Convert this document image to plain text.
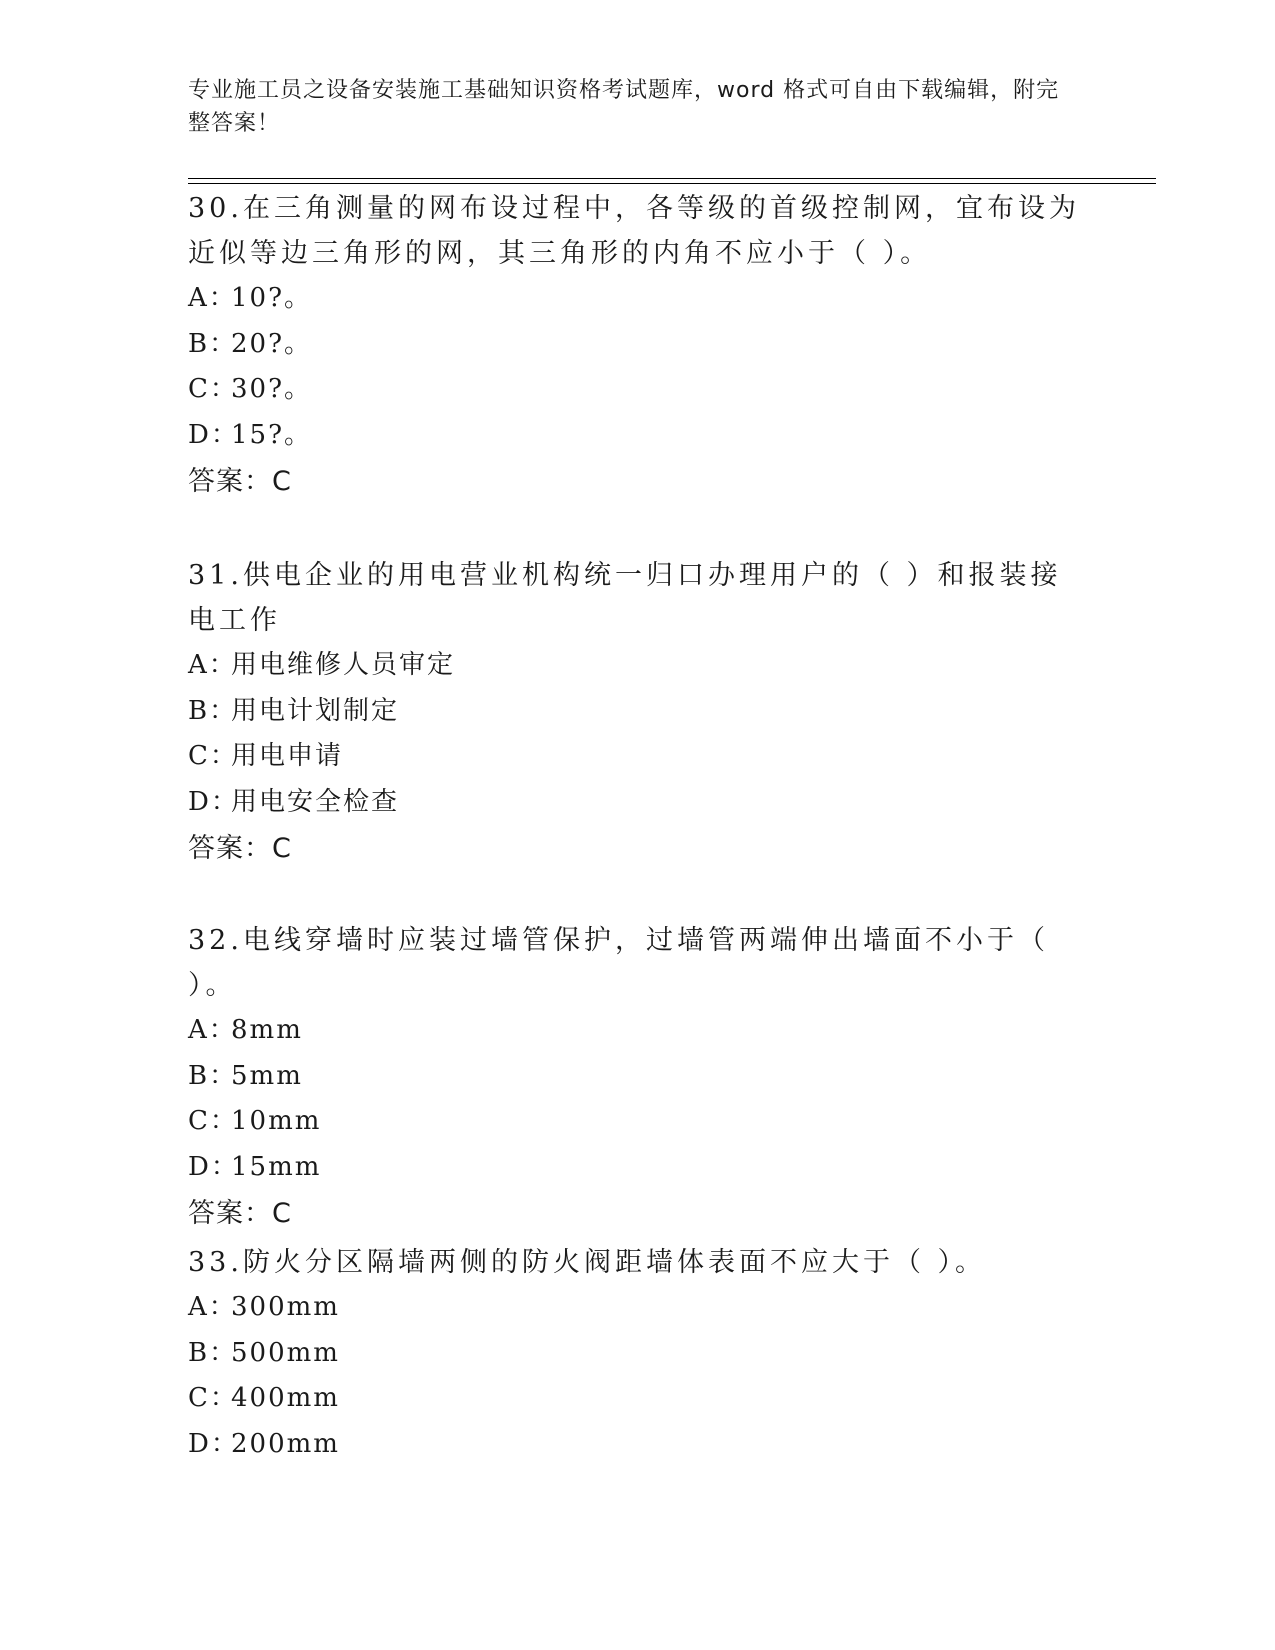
专业施工员之设备安装施工基础知识资格考试题库，word 格式可自由下载编辑，附完整答案！

30.在三角测量的网布设过程中，各等级的首级控制网，宜布设为近似等边三角形的网，其三角形的内角不应小于（ ）。

A：10?。

B：20?。

C：30?。

D：15?。

答案：C

31.供电企业的用电营业机构统一归口办理用户的（ ）和报装接电工作

A：用电维修人员审定

B：用电计划制定

C：用电申请

D：用电安全检查

答案：C

32.电线穿墙时应装过墙管保护，过墙管两端伸出墙面不小于（ ）。

A：8mm

B：5mm

C：10mm

D：15mm

答案：C

33.防火分区隔墙两侧的防火阀距墙体表面不应大于（ ）。

A：300mm

B：500mm

C：400mm

D：200mm
